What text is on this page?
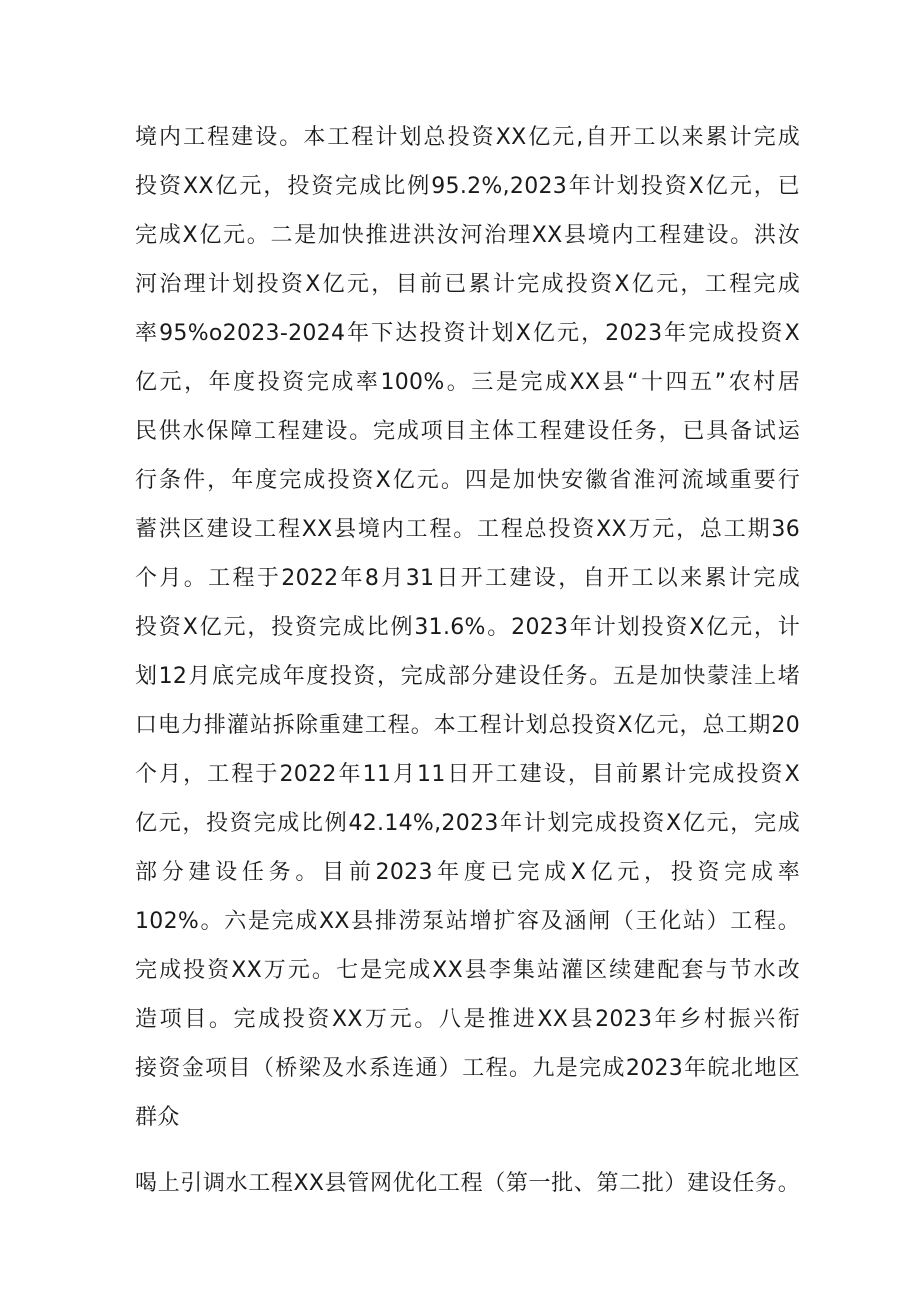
境内工程建设。本工程计划总投资XX亿元,自开工以来累计完成
投资XX亿元，投资完成比例95.2%,2023年计划投资X亿元，已
完成X亿元。二是加快推进洪汝河治理XX县境内工程建设。洪汝
河治理计划投资X亿元，目前已累计完成投资X亿元，工程完成
率95%o2023-2024年下达投资计划X亿元，2023年完成投资X
亿元，年度投资完成率100%。三是完成XX县“十四五”农村居
民供水保障工程建设。完成项目主体工程建设任务，已具备试运
行条件，年度完成投资X亿元。四是加快安徽省淮河流域重要行
蓄洪区建设工程XX县境内工程。工程总投资XX万元，总工期36
个月。工程于2022年8月31日开工建设，自开工以来累计完成
投资X亿元，投资完成比例31.6%。2023年计划投资X亿元，计
划12月底完成年度投资，完成部分建设任务。五是加快蒙洼上堵
口电力排灌站拆除重建工程。本工程计划总投资X亿元，总工期20
个月，工程于2022年11月11日开工建设，目前累计完成投资X
亿元，投资完成比例42.14%,2023年计划完成投资X亿元，完成
部分建设任务。目前2023年度已完成X亿元，投资完成率
102%。六是完成XX县排涝泵站增扩容及涵闸（王化站）工程。
完成投资XX万元。七是完成XX县李集站灌区续建配套与节水改
造项目。完成投资XX万元。八是推进XX县2023年乡村振兴衔
接资金项目（桥梁及水系连通）工程。九是完成2023年皖北地区
群众
喝上引调水工程XX县管网优化工程（第一批、第二批）建设任务。
